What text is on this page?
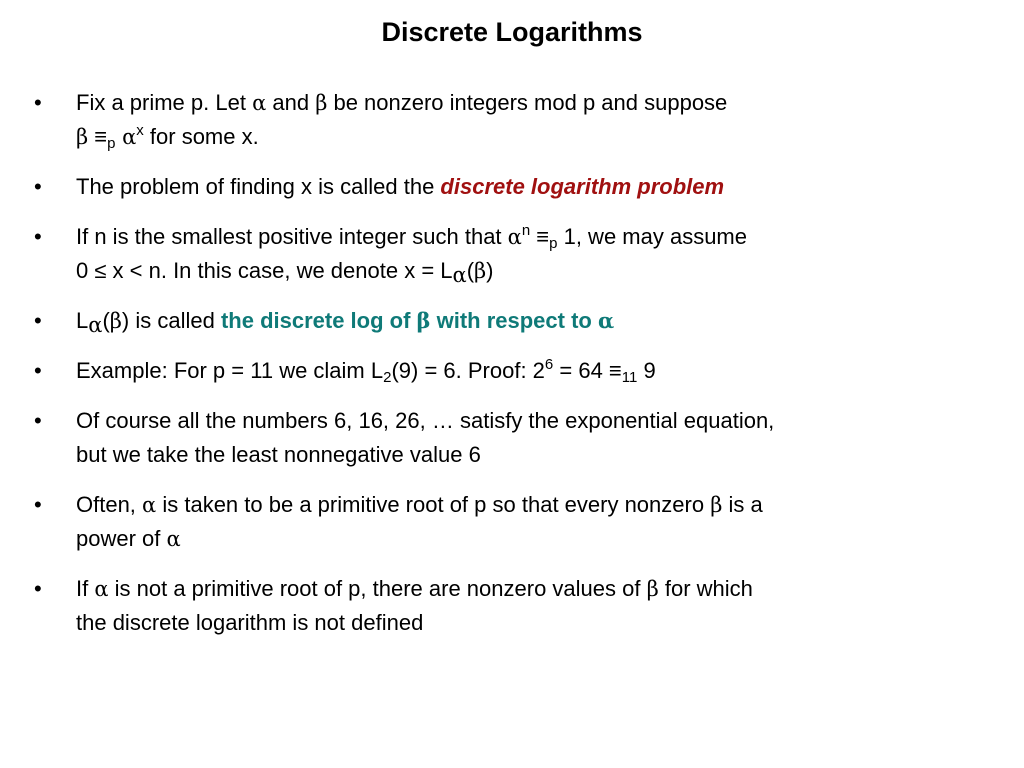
Discrete Logarithms
• Fix a prime p. Let α and β be nonzero integers mod p and suppose
$\beta \equiv_p$ $\alpha^x$ for some x.
• The problem of finding x is called the discrete logarithm problem
• If n is the smallest positive integer such that $\alpha^n \equiv_p$ 1, we may assume
0 ≤ x < n. In this case, we denote $x = L_\alpha(\beta)$
• $L_\alpha(\beta)$ is called the discrete log of β with respect to α
• Example: For p = 11 we claim $L_2(9) = 6$. Proof: $2^6 = 64 \equiv_{11}$ 9
• Of course all the numbers 6, 16, 26, … satisfy the exponential equation,
but we take the least nonnegative value 6
• Often, α is taken to be a primitive root of p so that every nonzero β is a
power of α
• If α is not a primitive root of p, there are nonzero values of β for which
the discrete logarithm is not defined
